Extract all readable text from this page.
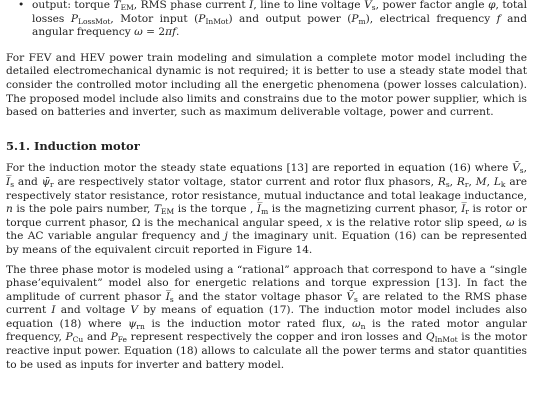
• output: torque $T_{EM}$, RMS phase current I, line to line voltage $V_s$, power factor angle φ, total losses $P_{LossMot}$, Motor input $(P_{InMot})$ and output power $(P_m)$, electrical frequency f and angular frequency ω = 2πf.

For FEV and HEV power train modeling and simulation a complete motor model including the detailed electromechanical dynamic is not required; it is better to use a steady state model that consider the controlled motor including all the energetic phenomena (power losses calculation). The proposed model include also limits and constrains due to the motor power supplier, which is based on batteries and inverter, such as maximum deliverable voltage, power and current.

5.1. Induction motor

For the induction motor the steady state equations [13] are reported in equation (16) where $V̄_s$, $I̅_s$ and $\psī_r$ are respectively stator voltage, stator current and rotor flux phasors, $R_s$, $R_r$, M, $L_k$ are respectively stator resistance, rotor resistance, mutual inductance and total leakage inductance, n is the pole pairs number, $T_{EM}$ is the torque , $I̅_m$ is the magnetizing current phasor, $I̅_r$ is rotor or torque current phasor, Ω is the mechanical angular speed, x is the relative rotor slip speed, ω is the AC variable angular frequency and j the imaginary unit. Equation (16) can be represented by means of the equivalent circuit reported in Figure 14.

The three phase motor is modeled using a “rational” approach that correspond to have a “single phase’equivalent” model also for energetic relations and torque expression [13]. In fact the amplitude of current phasor $I̅_s$ and the stator voltage phasor $V̄_s$ are related to the RMS phase current I and voltage V by means of equation (17). The induction motor model includes also equation (18) where $\psi_{rn}$ is the induction motor rated flux, $\omega_n$ is the rated motor angular frequency, $P_{Cu}$ and $P_{Fe}$ represent respectively the copper and iron losses and $Q_{InMot}$ is the motor reactive input power. Equation (18) allows to calculate all the power terms and stator quantities to be used as inputs for inverter and battery model.
